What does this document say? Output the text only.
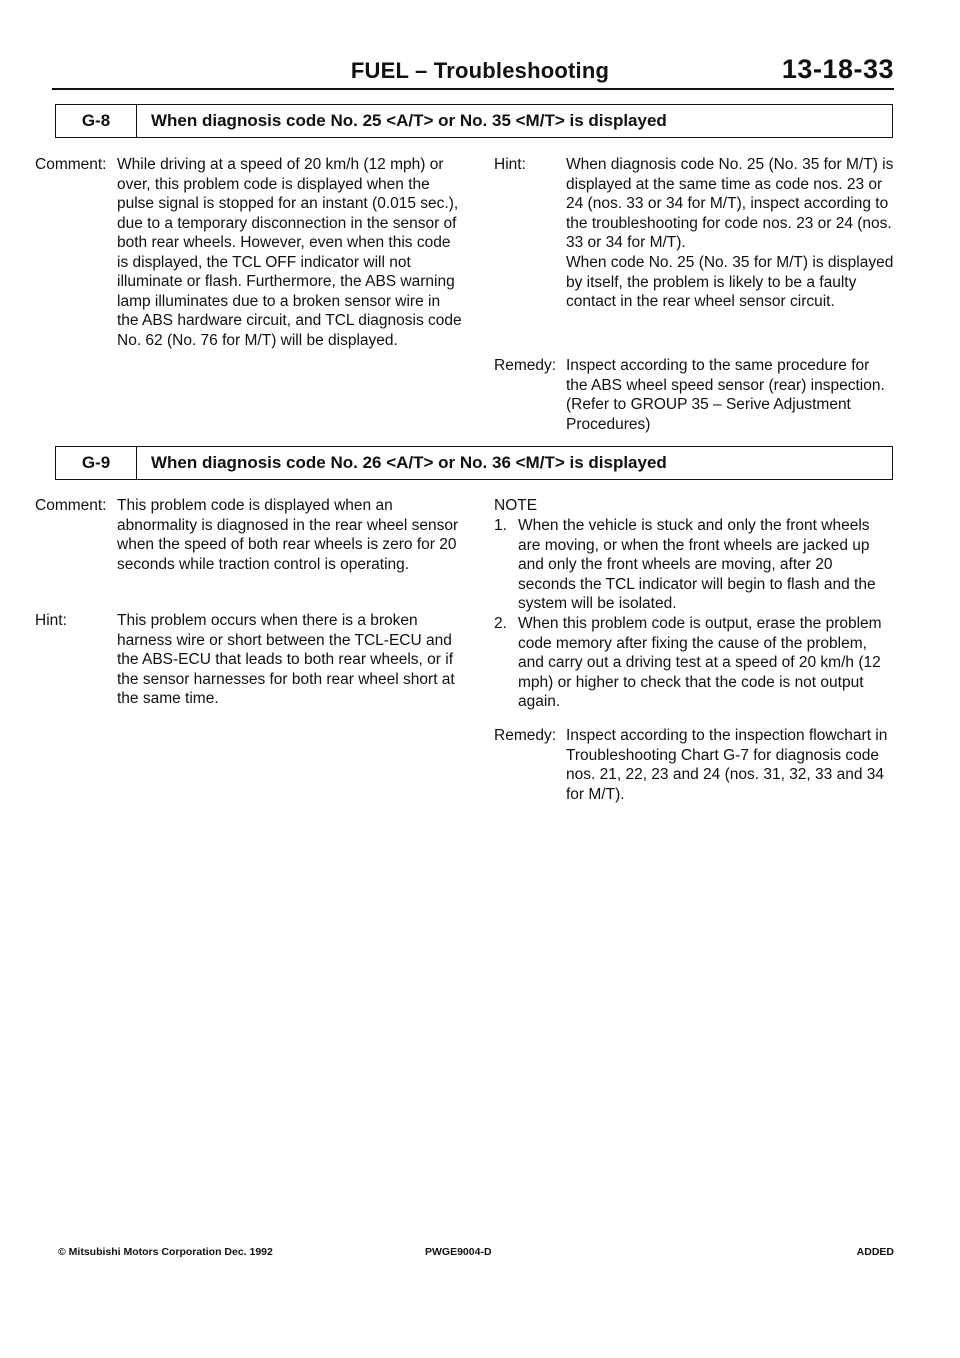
FUEL – Troubleshooting	13-18-33
G-8	When diagnosis code No. 25 <A/T> or No. 35 <M/T> is displayed
Comment: While driving at a speed of 20 km/h (12 mph) or over, this problem code is displayed when the pulse signal is stopped for an instant (0.015 sec.), due to a temporary disconnection in the sensor of both rear wheels. However, even when this code is displayed, the TCL OFF indicator will not illuminate or flash. Furthermore, the ABS warning lamp illuminates due to a broken sensor wire in the ABS hardware circuit, and TCL diagnosis code No. 62 (No. 76 for M/T) will be displayed.
Hint:	When diagnosis code No. 25 (No. 35 for M/T) is displayed at the same time as code nos. 23 or 24 (nos. 33 or 34 for M/T), inspect according to the troubleshooting for code nos. 23 or 24 (nos. 33 or 34 for M/T).
When code No. 25 (No. 35 for M/T) is displayed by itself, the problem is likely to be a faulty contact in the rear wheel sensor circuit.
Remedy: Inspect according to the same procedure for the ABS wheel speed sensor (rear) inspection. (Refer to GROUP 35 – Serive Adjustment Procedures)
G-9	When diagnosis code No. 26 <A/T> or No. 36 <M/T> is displayed
Comment: This problem code is displayed when an abnormality is diagnosed in the rear wheel sensor when the speed of both rear wheels is zero for 20 seconds while traction control is operating.
Hint:	This problem occurs when there is a broken harness wire or short between the TCL-ECU and the ABS-ECU that leads to both rear wheels, or if the sensor harnesses for both rear wheel short at the same time.
NOTE
1. When the vehicle is stuck and only the front wheels are moving, or when the front wheels are jacked up and only the front wheels are moving, after 20 seconds the TCL indicator will begin to flash and the system will be isolated.
2. When this problem code is output, erase the problem code memory after fixing the cause of the problem, and carry out a driving test at a speed of 20 km/h (12 mph) or higher to check that the code is not output again.
Remedy: Inspect according to the inspection flowchart in Troubleshooting Chart G-7 for diagnosis code nos. 21, 22, 23 and 24 (nos. 31, 32, 33 and 34 for M/T).
© Mitsubishi Motors Corporation Dec. 1992	PWGE9004-D	ADDED
